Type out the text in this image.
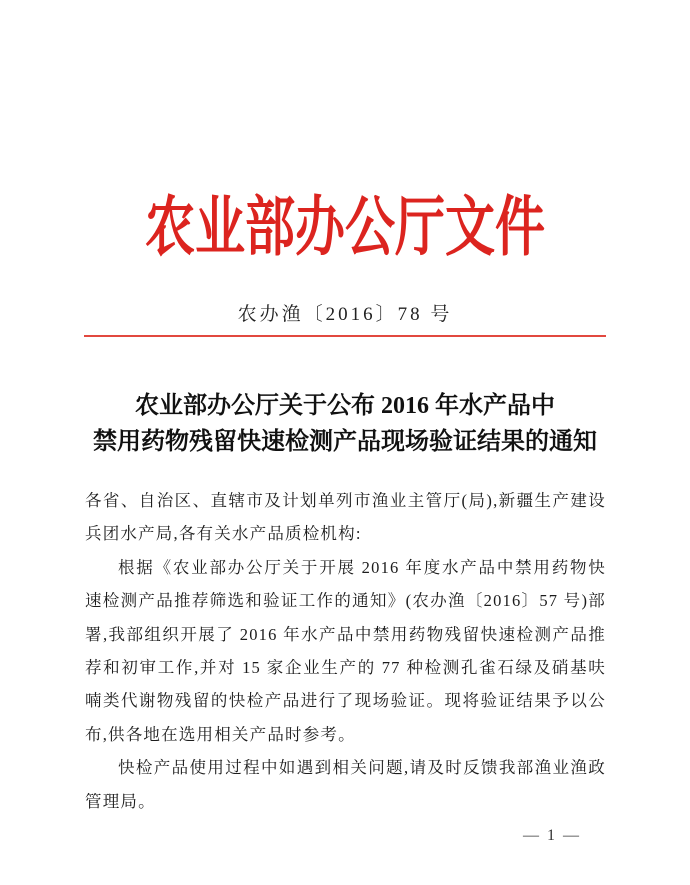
农业部办公厅文件
农办渔〔2016〕78 号
农业部办公厅关于公布 2016 年水产品中
禁用药物残留快速检测产品现场验证结果的通知

各省、自治区、直辖市及计划单列市渔业主管厅(局),新疆生产建设兵团水产局,各有关水产品质检机构:

根据《农业部办公厅关于开展 2016 年度水产品中禁用药物快速检测产品推荐筛选和验证工作的通知》(农办渔〔2016〕57 号)部署,我部组织开展了 2016 年水产品中禁用药物残留快速检测产品推荐和初审工作,并对 15 家企业生产的 77 种检测孔雀石绿及硝基呋喃类代谢物残留的快检产品进行了现场验证。现将验证结果予以公布,供各地在选用相关产品时参考。

快检产品使用过程中如遇到相关问题,请及时反馈我部渔业渔政管理局。

— 1 —
